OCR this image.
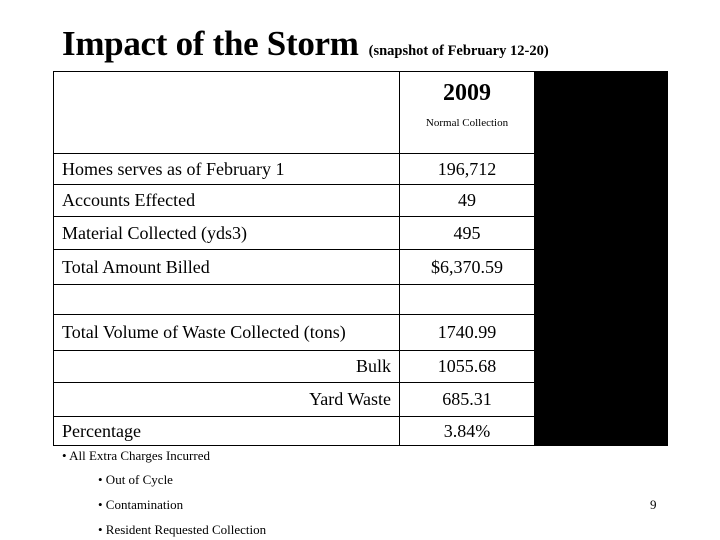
Impact of the Storm (snapshot of February 12-20)

	2009
Normal Collection	

Homes serves as of February 1	196,712	
Accounts Effected	49	
Material Collected (yds3)	495	
Total Amount Billed	$6,370.59	

Total Volume of Waste Collected (tons)	1740.99	
Bulk	1055.68	
Yard Waste	685.31	
Percentage	3.84%	
• All Extra Charges Incurred
• Out of Cycle
• Contamination
• Resident Requested Collection
9
